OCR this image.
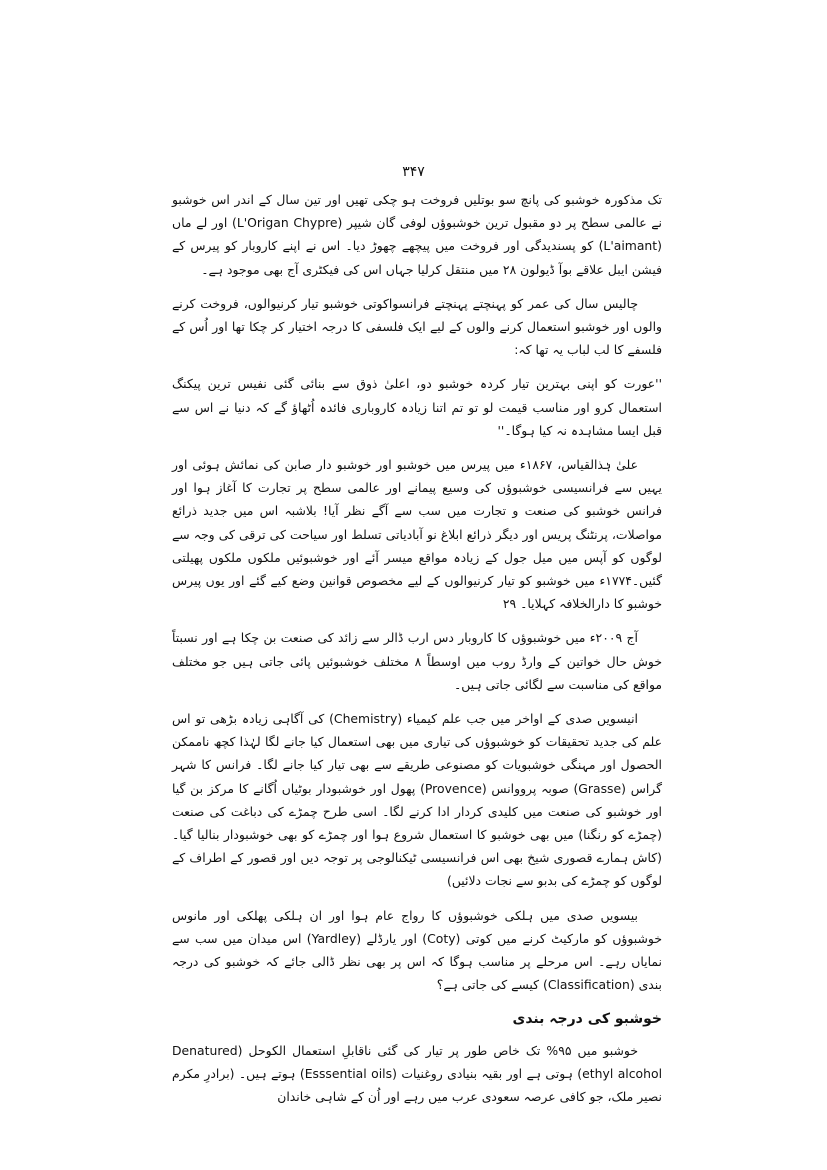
۳۴۷

تک مذکورہ خوشبو کی پانچ سو بوتلیں فروخت ہو چکی تھیں اور تین سال کے اندر اس خوشبو نے عالمی سطح پر دو مقبول ترین خوشبوؤں لوفی گان شیپر (L'Origan Chypre) اور لے ماں (L'aimant) کو پسندیدگی اور فروخت میں پیچھے چھوڑ دیا۔ اس نے اپنے کاروبار کو پیرس کے فیشن ایبل علاقے بوآ ڈیولون ۲۸ میں منتقل کرلیا جہاں اس کی فیکٹری آج بھی موجود ہے۔

چالیس سال کی عمر کو پہنچتے پہنچتے فرانسواکوتی خوشبو تیار کرنیوالوں، فروخت کرنے والوں اور خوشبو استعمال کرنے والوں کے لیے ایک فلسفی کا درجہ اختیار کر چکا تھا اور اُس کے فلسفے کا لب لباب یہ تھا کہ:

''عورت کو اپنی بہترین تیار کردہ خوشبو دو، اعلیٰ ذوق سے بنائی گئی نفیس ترین پیکنگ استعمال کرو اور مناسب قیمت لو تو تم اتنا زیادہ کاروباری فائدہ اُٹھاؤ گے کہ دنیا نے اس سے قبل ایسا مشاہدہ نہ کیا ہوگا۔''

علیٰ ہٰذالقیاس، ۱۸۶۷ء میں پیرس میں خوشبو اور خوشبو دار صابن کی نمائش ہوئی اور یہیں سے فرانسیسی خوشبوؤں کی وسیع پیمانے اور عالمی سطح پر تجارت کا آغاز ہوا اور فرانس خوشبو کی صنعت و تجارت میں سب سے آگے نظر آیا! بلاشبہ اس میں جدید ذرائع مواصلات، پرنٹنگ پریس اور دیگر ذرائع ابلاغ نو آبادیاتی تسلط اور سیاحت کی ترقی کی وجہ سے لوگوں کو آپس میں میل جول کے زیادہ مواقع میسر آئے اور خوشبوئیں ملکوں ملکوں پھیلتی گئیں۔۱۷۷۴ء میں خوشبو کو تیار کرنیوالوں کے لیے مخصوص قوانین وضع کیے گئے اور یوں پیرس خوشبو کا دارالخلافہ کہلایا۔ ۲۹

آج ۲۰۰۹ء میں خوشبوؤں کا کاروبار دس ارب ڈالر سے زائد کی صنعت بن چکا ہے اور نسبتاً خوش حال خواتین کے وارڈ روب میں اوسطاً ۸ مختلف خوشبوئیں پائی جاتی ہیں جو مختلف مواقع کی مناسبت سے لگائی جاتی ہیں۔

انیسویں صدی کے اواخر میں جب علم کیمیاء (Chemistry) کی آگاہی زیادہ بڑھی تو اس علم کی جدید تحقیقات کو خوشبوؤں کی تیاری میں بھی استعمال کیا جانے لگا لہٰذا کچھ ناممکن الحصول اور مہنگی خوشبویات کو مصنوعی طریقے سے بھی تیار کیا جانے لگا۔ فرانس کا شہر گراس (Grasse) صوبہ پرووانس (Provence) پھول اور خوشبودار بوٹیاں اُگانے کا مرکز بن گیا اور خوشبو کی صنعت میں کلیدی کردار ادا کرنے لگا۔ اسی طرح چمڑے کی دباغت کی صنعت (چمڑے کو رنگنا) میں بھی خوشبو کا استعمال شروع ہوا اور چمڑے کو بھی خوشبودار بنالیا گیا۔ (کاش ہمارے قصوری شیخ بھی اس فرانسیسی ٹیکنالوجی پر توجہ دیں اور قصور کے اطراف کے لوگوں کو چمڑے کی بدبو سے نجات دلائیں)

بیسویں صدی میں ہلکی خوشبوؤں کا رواج عام ہوا اور ان ہلکی پھلکی اور مانوس خوشبوؤں کو مارکیٹ کرنے میں کوتی (Coty) اور یارڈلے (Yardley) اس میدان میں سب سے نمایاں رہے۔ اس مرحلے پر مناسب ہوگا کہ اس پر بھی نظر ڈالی جائے کہ خوشبو کی درجہ بندی (Classification) کیسے کی جاتی ہے؟

خوشبو کی درجہ بندی

خوشبو میں ۹۵% تک خاص طور پر تیار کی گئی ناقابلِ استعمال الکوحل (Denatured ethyl alcohol) ہوتی ہے اور بقیہ بنیادی روغنیات (Esssential oils) ہوتے ہیں۔ (برادرِ مکرم نصیر ملک، جو کافی عرصہ سعودی عرب میں رہے اور اُن کے شاہی خاندان
